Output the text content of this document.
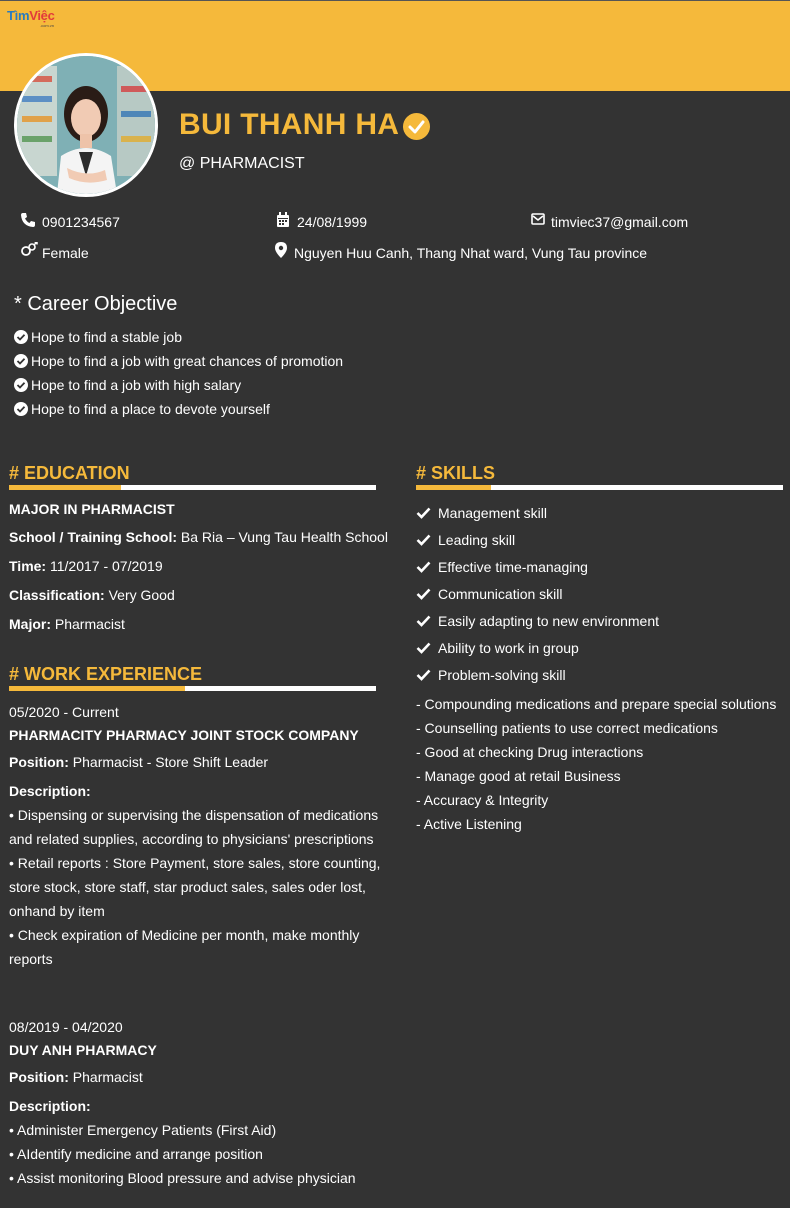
TìmViệc
.com.vn
BUI THANH HA
@ PHARMACIST
0901234567	24/08/1999	timviec37@gmail.com
Female	Nguyen Huu Canh, Thang Nhat ward, Vung Tau province
* Career Objective
Hope to find a stable job
Hope to find a job with great chances of promotion
Hope to find a job with high salary
Hope to find a place to devote yourself
# EDUCATION
MAJOR IN PHARMACIST
School / Training School: Ba Ria – Vung Tau Health School
Time: 11/2017 - 07/2019
Classification: Very Good
Major: Pharmacist
# WORK EXPERIENCE
05/2020 - Current
PHARMACITY PHARMACY JOINT STOCK COMPANY
Position: Pharmacist - Store Shift Leader
Description:
• Dispensing or supervising the dispensation of medications and related supplies, according to physicians' prescriptions
• Retail reports : Store Payment, store sales, store counting, store stock, store staff, star product sales, sales oder lost, onhand by item
• Check expiration of Medicine per month, make monthly reports
08/2019 - 04/2020
DUY ANH PHARMACY
Position: Pharmacist
Description:
• Administer Emergency Patients (First Aid)
• AIdentify medicine and arrange position
• Assist monitoring Blood pressure and advise physician
# SKILLS
Management skill
Leading skill
Effective time-managing
Communication skill
Easily adapting to new environment
Ability to work in group
Problem-solving skill
- Compounding medications and prepare special solutions
- Counselling patients to use correct medications
- Good at checking Drug interactions
- Manage good at retail Business
- Accuracy & Integrity
- Active Listening
